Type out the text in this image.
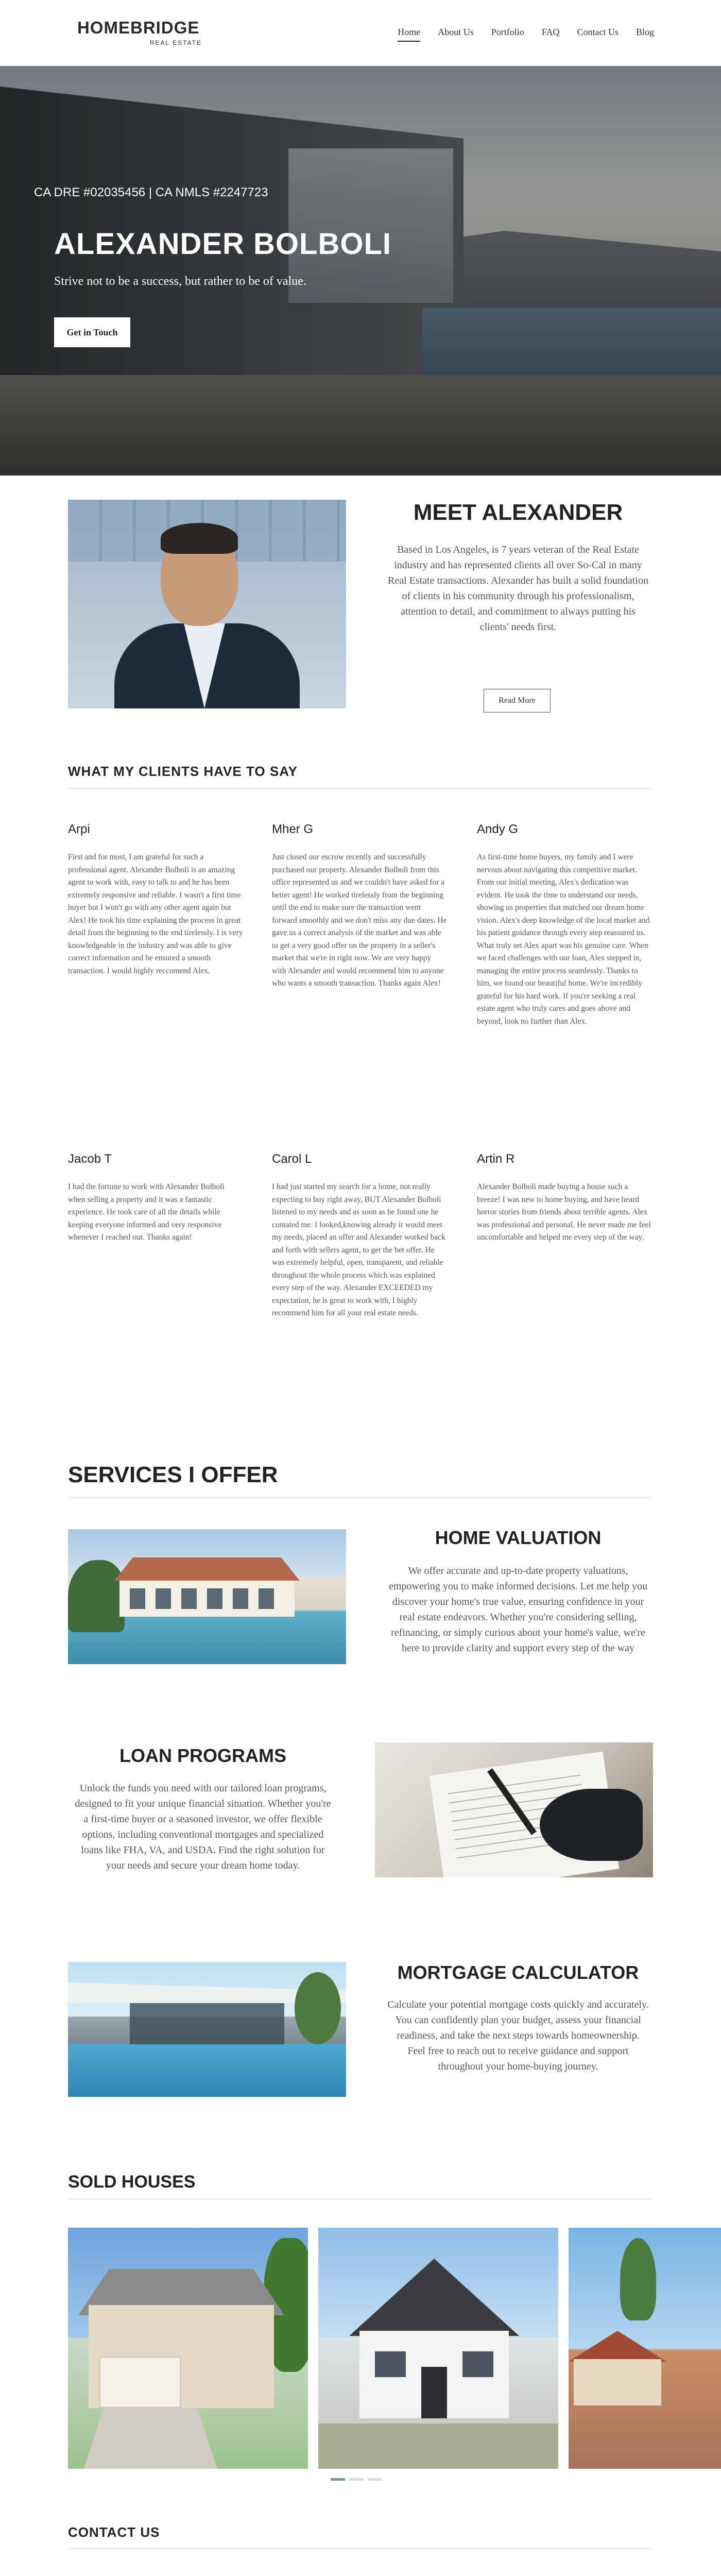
HOMEBRIDGE
REAL ESTATE
Home About Us Portfolio FAQ Contact Us Blog
CA DRE #02035456 | CA NMLS #2247723
ALEXANDER BOLBOLI

Strive not to be a success, but rather to be of value.

Get in Touch
MEET ALEXANDER

Based in Los Angeles, is 7 years veteran of the Real Estate industry and has represented clients all over So-Cal in many Real Estate transactions. Alexander has built a solid foundation of clients in his community through his professionalism, attention to detail, and commitment to always putting his clients' needs first.

Read More
WHAT MY CLIENTS HAVE TO SAY
Arpi

First and for most, I am grateful for such a professional agent. Alexander Bolboli is an amazing agent to work with, easy to talk to and he has been extremely responsive and reliable. I wasn't a first time buyer but I won't go with any other agent again but Alex! He took his time explaining the process in great detail from the beginning to the end tirelessly. I is very knowledgeable in the industry and was able to give correct information and he ensured a smooth transaction. I would highly reccomend Alex.

Mher G

Just closed our escrow recently and successfully purchased our property. Alexander Bolboli from this office represented us and we couldn't have asked for a better agent! He worked tirelessly from the beginning until the end to make sure the transaction went forward smoothly and we don't miss any due dates. He gave us a correct analysis of the market and was able to get a very good offer on the property in a seller's market that we're in right now. We are very happy with Alexander and would recommend him to anyone who wants a smooth transaction. Thanks again Alex!

Andy G

As first-time home buyers, my family and I were nervous about navigating this competitive market. From our initial meeting, Alex's dedication was evident. He took the time to understand our needs, showing us properties that matched our dream home vision. Alex's deep knowledge of the local market and his patient guidance through every step reassured us. What truly set Alex apart was his genuine care. When we faced challenges with our loan, Alex stepped in, managing the entire process seamlessly. Thanks to him, we found our beautiful home. We're incredibly grateful for his hard work. If you're seeking a real estate agent who truly cares and goes above and beyond, look no further than Alex.

Jacob T

I had the fortune to work with Alexander Bolboli when selling a property and it was a fantastic experience. He took care of all the details while keeping everyone informed and very responsive whenever I reached out. Thanks again!

Carol L

I had just started my search for a home, not really expecting to buy right away, BUT Alexander Bolboli listened to my needs and as soon as he found one he contated me. I looked,knowing already it would meet my needs, placed an offer and Alexander worked back and forth with sellers agent, to get the bet offer. He was extremely helpful, open, transparent, and reliable throughout the whole process which was explained every step of the way. Alexander EXCEEDED my expectation, he is great to work with, I highly recommend him for all your real estate needs.

Artin R

Alexander Bolboli made buying a house such a breeze! I was new to home buying, and have heard horror stories from friends about terrible agents. Alex was professional and personal. He never made me feel uncomfortable and helped me every step of the way.

SERVICES I OFFER
HOME VALUATION

We offer accurate and up-to-date property valuations, empowering you to make informed decisions. Let me help you discover your home's true value, ensuring confidence in your real estate endeavors. Whether you're considering selling, refinancing, or simply curious about your home's value, we're here to provide clarity and support every step of the way

LOAN PROGRAMS

Unlock the funds you need with our tailored loan programs, designed to fit your unique financial situation. Whether you're a first-time buyer or a seasoned investor, we offer flexible options, including conventional mortgages and specialized loans like FHA, VA, and USDA. Find the right solution for your needs and secure your dream home today.

MORTGAGE CALCULATOR

Calculate your potential mortgage costs quickly and accurately. You can confidently plan your budget, assess your financial readiness, and take the next steps towards homeownership. Feel free to reach out to receive guidance and support throughout your home-buying journey.

SOLD HOUSES
CONTACT US
